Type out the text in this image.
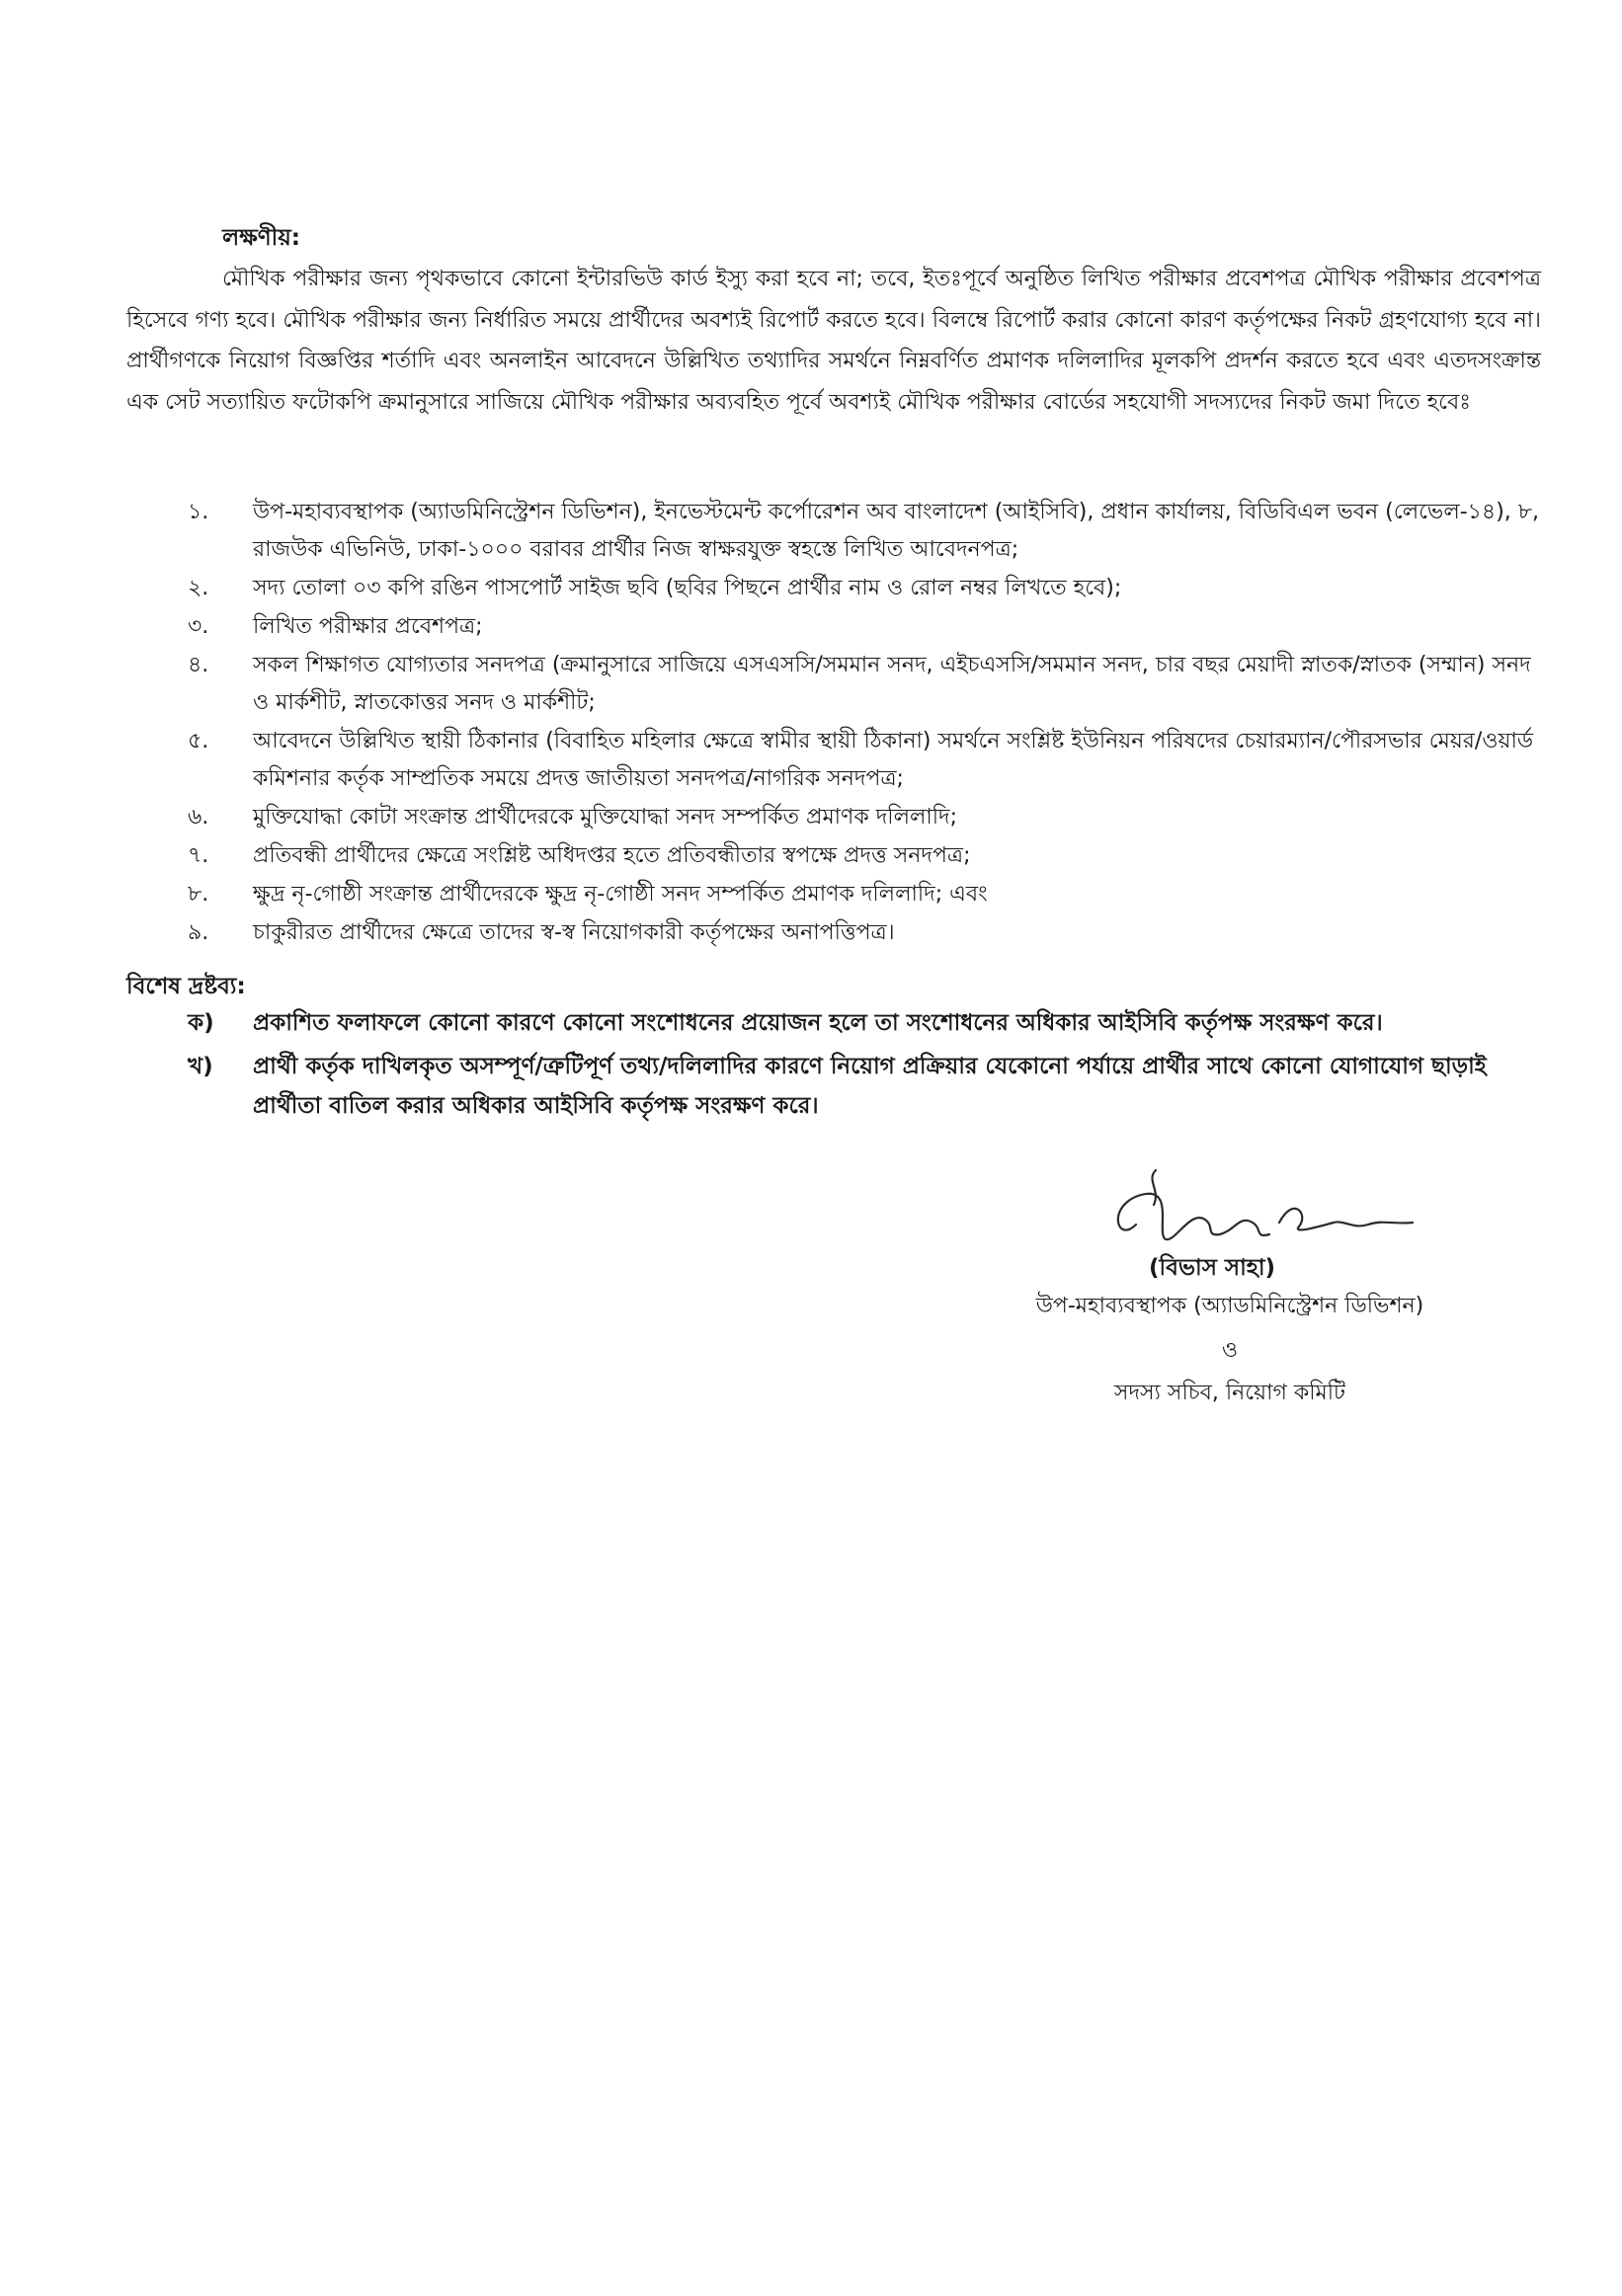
লক্ষণীয়:
মৌখিক পরীক্ষার জন্য পৃথকভাবে কোনো ইন্টারভিউ কার্ড ইস্যু করা হবে না; তবে, ইতঃপূর্বে অনুষ্ঠিত লিখিত পরীক্ষার প্রবেশপত্র মৌখিক পরীক্ষার প্রবেশপত্র হিসেবে গণ্য হবে। মৌখিক পরীক্ষার জন্য নির্ধারিত সময়ে প্রার্থীদের অবশ্যই রিপোর্ট করতে হবে। বিলম্বে রিপোর্ট করার কোনো কারণ কর্তৃপক্ষের নিকট গ্রহণযোগ্য হবে না। প্রার্থীগণকে নিয়োগ বিজ্ঞপ্তির শর্তাদি এবং অনলাইন আবেদনে উল্লিখিত তথ্যাদির সমর্থনে নিম্নবর্ণিত প্রমাণক দলিলাদির মূলকপি প্রদর্শন করতে হবে এবং এতদসংক্রান্ত এক সেট সত্যায়িত ফটোকপি ক্রমানুসারে সাজিয়ে মৌখিক পরীক্ষার অব্যবহিত পূর্বে অবশ্যই মৌখিক পরীক্ষার বোর্ডের সহযোগী সদস্যদের নিকট জমা দিতে হবেঃ
১.	উপ-মহাব্যবস্থাপক (অ্যাডমিনিস্ট্রেশন ডিভিশন), ইনভেস্টমেন্ট কর্পোরেশন অব বাংলাদেশ (আইসিবি), প্রধান কার্যালয়, বিডিবিএল ভবন (লেভেল-১৪), ৮, রাজউক এভিনিউ, ঢাকা-১০০০ বরাবর প্রার্থীর নিজ স্বাক্ষরযুক্ত স্বহস্তে লিখিত আবেদনপত্র;
২.	সদ্য তোলা ০৩ কপি রঙিন পাসপোর্ট সাইজ ছবি (ছবির পিছনে প্রার্থীর নাম ও রোল নম্বর লিখতে হবে);
৩.	লিখিত পরীক্ষার প্রবেশপত্র;
৪.	সকল শিক্ষাগত যোগ্যতার সনদপত্র (ক্রমানুসারে সাজিয়ে এসএসসি/সমমান সনদ, এইচএসসি/সমমান সনদ, চার বছর মেয়াদী স্নাতক/স্নাতক (সম্মান) সনদ ও মার্কশীট, স্নাতকোত্তর সনদ ও মার্কশীট;
৫.	আবেদনে উল্লিখিত স্থায়ী ঠিকানার (বিবাহিত মহিলার ক্ষেত্রে স্বামীর স্থায়ী ঠিকানা) সমর্থনে সংশ্লিষ্ট ইউনিয়ন পরিষদের চেয়ারম্যান/পৌরসভার মেয়র/ওয়ার্ড কমিশনার কর্তৃক সাম্প্রতিক সময়ে প্রদত্ত জাতীয়তা সনদপত্র/নাগরিক সনদপত্র;
৬.	মুক্তিযোদ্ধা কোটা সংক্রান্ত প্রার্থীদেরকে মুক্তিযোদ্ধা সনদ সম্পর্কিত প্রমাণক দলিলাদি;
৭.	প্রতিবন্ধী প্রার্থীদের ক্ষেত্রে সংশ্লিষ্ট অধিদপ্তর হতে প্রতিবন্ধীতার স্বপক্ষে প্রদত্ত সনদপত্র;
৮.	ক্ষুদ্র নৃ-গোষ্ঠী সংক্রান্ত প্রার্থীদেরকে ক্ষুদ্র নৃ-গোষ্ঠী সনদ সম্পর্কিত প্রমাণক দলিলাদি; এবং
৯.	চাকুরীরত প্রার্থীদের ক্ষেত্রে তাদের স্ব-স্ব নিয়োগকারী কর্তৃপক্ষের অনাপত্তিপত্র।
বিশেষ দ্রষ্টব্য:
ক)	প্রকাশিত ফলাফলে কোনো কারণে কোনো সংশোধনের প্রয়োজন হলে তা সংশোধনের অধিকার আইসিবি কর্তৃপক্ষ সংরক্ষণ করে।
খ)	প্রার্থী কর্তৃক দাখিলকৃত অসম্পূর্ণ/ত্রুটিপূর্ণ তথ্য/দলিলাদির কারণে নিয়োগ প্রক্রিয়ার যেকোনো পর্যায়ে প্রার্থীর সাথে কোনো যোগাযোগ ছাড়াই প্রার্থীতা বাতিল করার অধিকার আইসিবি কর্তৃপক্ষ সংরক্ষণ করে।
(বিভাস সাহা)
উপ-মহাব্যবস্থাপক (অ্যাডমিনিস্ট্রেশন ডিভিশন)
ও
সদস্য সচিব, নিয়োগ কমিটি
